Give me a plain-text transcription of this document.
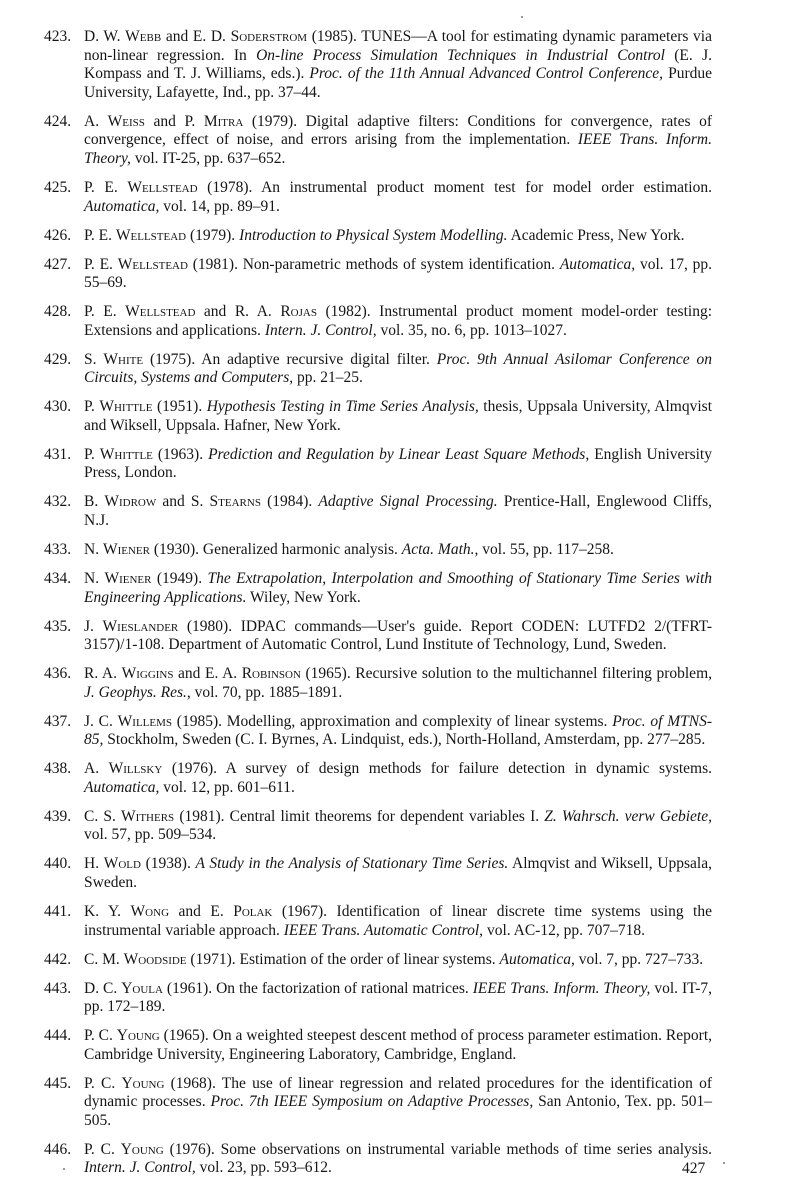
423. D. W. Webb and E. D. Soderstrom (1985). TUNES—A tool for estimating dynamic parameters via non-linear regression. In On-line Process Simulation Techniques in Industrial Control (E. J. Kompass and T. J. Williams, eds.). Proc. of the 11th Annual Advanced Control Conference, Purdue University, Lafayette, Ind., pp. 37–44.
424. A. Weiss and P. Mitra (1979). Digital adaptive filters: Conditions for convergence, rates of convergence, effect of noise, and errors arising from the implementation. IEEE Trans. Inform. Theory, vol. IT-25, pp. 637–652.
425. P. E. Wellstead (1978). An instrumental product moment test for model order estimation. Automatica, vol. 14, pp. 89–91.
426. P. E. Wellstead (1979). Introduction to Physical System Modelling. Academic Press, New York.
427. P. E. Wellstead (1981). Non-parametric methods of system identification. Automatica, vol. 17, pp. 55–69.
428. P. E. Wellstead and R. A. Rojas (1982). Instrumental product moment model-order testing: Extensions and applications. Intern. J. Control, vol. 35, no. 6, pp. 1013–1027.
429. S. White (1975). An adaptive recursive digital filter. Proc. 9th Annual Asilomar Conference on Circuits, Systems and Computers, pp. 21–25.
430. P. Whittle (1951). Hypothesis Testing in Time Series Analysis, thesis, Uppsala University, Almqvist and Wiksell, Uppsala. Hafner, New York.
431. P. Whittle (1963). Prediction and Regulation by Linear Least Square Methods, English University Press, London.
432. B. Widrow and S. Stearns (1984). Adaptive Signal Processing. Prentice-Hall, Englewood Cliffs, N.J.
433. N. Wiener (1930). Generalized harmonic analysis. Acta. Math., vol. 55, pp. 117–258.
434. N. Wiener (1949). The Extrapolation, Interpolation and Smoothing of Stationary Time Series with Engineering Applications. Wiley, New York.
435. J. Wieslander (1980). IDPAC commands—User's guide. Report CODEN: LUTFD2 2/(TFRT-3157)/1-108. Department of Automatic Control, Lund Institute of Technology, Lund, Sweden.
436. R. A. Wiggins and E. A. Robinson (1965). Recursive solution to the multichannel filtering problem, J. Geophys. Res., vol. 70, pp. 1885–1891.
437. J. C. Willems (1985). Modelling, approximation and complexity of linear systems. Proc. of MTNS-85, Stockholm, Sweden (C. I. Byrnes, A. Lindquist, eds.), North-Holland, Amsterdam, pp. 277–285.
438. A. Willsky (1976). A survey of design methods for failure detection in dynamic systems. Automatica, vol. 12, pp. 601–611.
439. C. S. Withers (1981). Central limit theorems for dependent variables I. Z. Wahrsch. verw Gebiete, vol. 57, pp. 509–534.
440. H. Wold (1938). A Study in the Analysis of Stationary Time Series. Almqvist and Wiksell, Uppsala, Sweden.
441. K. Y. Wong and E. Polak (1967). Identification of linear discrete time systems using the instrumental variable approach. IEEE Trans. Automatic Control, vol. AC-12, pp. 707–718.
442. C. M. Woodside (1971). Estimation of the order of linear systems. Automatica, vol. 7, pp. 727–733.
443. D. C. Youla (1961). On the factorization of rational matrices. IEEE Trans. Inform. Theory, vol. IT-7, pp. 172–189.
444. P. C. Young (1965). On a weighted steepest descent method of process parameter estimation. Report, Cambridge University, Engineering Laboratory, Cambridge, England.
445. P. C. Young (1968). The use of linear regression and related procedures for the identification of dynamic processes. Proc. 7th IEEE Symposium on Adaptive Processes, San Antonio, Tex. pp. 501–505.
446. P. C. Young (1976). Some observations on instrumental variable methods of time series analysis. Intern. J. Control, vol. 23, pp. 593–612.	427
